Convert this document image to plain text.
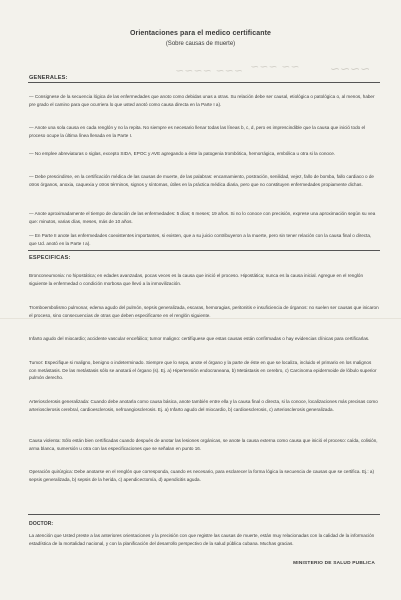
Orientaciones para el medico certificante
(Sobre causas de muerte)
~~~ ~~~~ ~~ ~~~	~~~~
GENERALES:
— Consignese de la secuencia lógica de las enfermedades que anoto como debidas unas a otras. Su relación debe ser causal, etiológica o patológica o, al menos, haber pre grado el camino para que ocurriera lo que usted anotó como causa directa en la Parte I a).
— Anote una sola causa en cada renglón y no la repita. No siempre es necesario llenar todas las líneas b, c, d, pero es imprescindible que la causa que inició todo el proceso ocupe la última línea llenada en la Parte I.
— No emplee abreviaturas o siglas, excepto SIDA, EPOC y AVE agregando a éste la patogenia trombótica, hemorrágica, embólica u otra si la conoce.
— Debe prescindirse, en la certificación médica de las causas de muerte, de las palabras: encamamiento, postración, senilidad, vejez, fallo de bomba, fallo cardiaco o de otros órganos, anoxia, caquexia y otros términos, signos y síntomas, útiles en la práctica médica diaria, pero que no constituyen enfermedades propiamente dichas.
— Anote aproximadamente el tiempo de duración de las enfermedades: 5 días; 6 meses; 19 años. Si no lo conoce con precisión, exprese una aproximación según su vea que: minutos, varias días, meses, más de 10 años.
— En Parte II anote las enfermedades coexistentes importantes, si existen, que a su juicio contribuyeron a la muerte, pero sin tener relación con la causa final o directa, que Ud. anotó en la Parte I a).
ESPECIFICAS:
Bronconeumonia: no hipostática; en edades avanzadas, pocas veces es la causa que inició el proceso. Hipostática; nunca es la causa inicial. Agregue en el renglón siguiente la enfermedad o condición morbosa que llevó a la inmovilización.
Tromboembolismo pulmonar, edema agudo del pulmón, sepsis generalizada, escaras, hemoragias, peritonitis e insuficiencia de órganos: no suelen ser causas que inicaron el proceso, sino consecuencias de otras que deben especificarse en el renglón siguiente.
Infarto agudo del miocardio; accidente vascular encefálico; tumor maligno: certifíquese que estas causas están confirmadas o hay evidencias clínicas para certificarlas.
Tumor: Especifique si maligno, benigno o indeterminado. Siempre que lo sepa, anote el órgano y la parte de éste en que se localiza, incluido el primario en los malignos con metástasis. De las metástasis sólo se anotará el órgano (s). Ej. a) Hipertensión endocraneana, b) Metástasis en cerebro, c) Carcinoma epidermoide de lóbulo superior pulmón derecho.
Arteriosclerosis generalizada: Cuando debe anotarla como causa básica, anote también entre ella y la causa final o directa, si la conoce, localizaciones más precisas como arteriosclerosis cerebral, cardioesclerosis, nefroangiosclerosis. Ej. a) Infarto agudo del miocardio, b) cardioesclerosis, c) arteriosclerosis generalizada.
Causa violenta: Sólo están bien certificadas cuando después de anotar las lesiones orgánicas, se anote la causa externa como causa que inició el proceso: caída, colisión, arma blanca, sumersión u otra con las especificaciones que se señalan en punto 16.
Operación quirúrgica: Debe anotarse en el renglón que corresponda, cuando es necesario, para esclarecer la forma lógica la secuencia de causas que se certifica. Ej.: a) sepsis generalizada, b) sepsis de la herida, c) apendicectomía, d) apendicitis aguda.
DOCTOR:
La atención que Usted preste a las anteriores orientaciones y la precisión con que registre las causas de muerte, están muy relacionadas con la calidad de la información estadística de la mortalidad nacional, y con la planificación del desarrollo perspectivo de la salud pública cubana. Muchas gracias.
MINISTERIO DE SALUD PUBLICA
